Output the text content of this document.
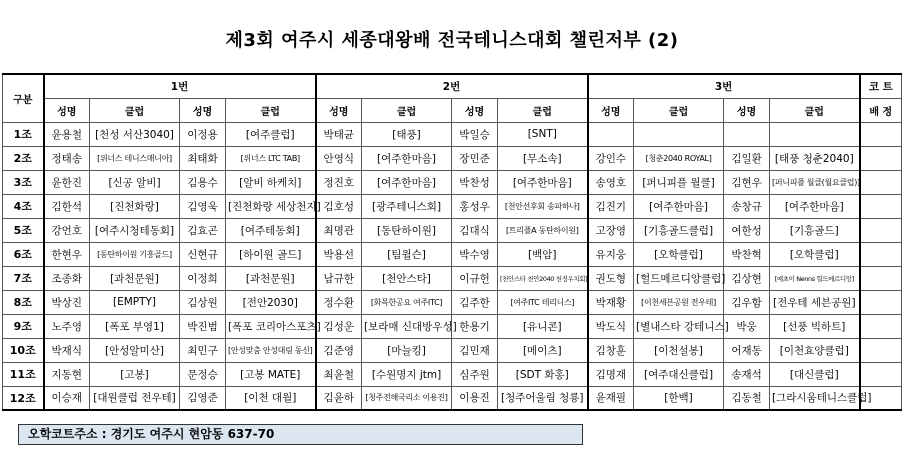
제3회 여주시 세종대왕배 전국테니스대회 챌린저부 (2)
구분	1번				2번				3번				코 트
	성명	클럽	성명	클럽	성명	클럽	성명	클럽	성명	클럽	성명	클럽	배 정
1조	윤용철	[천성 서산3040]	이정용	[여주클럽]	박태균	[태풍]	박일승	[SNT]					
2조	정태송	[위너스 테니스매니아]	최태화	[위너스 LTC TAB]	안영식	[여주한마음]	장민준	[무소속]	강인수	[청춘2040 ROYAL]	김일환	[태풍 청춘2040]	
3조	윤한진	[신공 알비]	김용수	[알비 하케치]	정진호	[여주한마음]	박찬성	[여주한마음]	송영호	[퍼니피플 월클]	김현우	[퍼니피플 월클(월요클럽)]	
4조	김한석	[진천화랑]	김영욱	[진천화랑 세상천지]	김호성	[광주테니스회]	홍성우	[천안선후회 송파하나]	김진기	[여주한마음]	송창규	[여주한마음]	
5조	강언호	[여주시청테동회]	김효곤	[여주테동회]	최명관	[동탄하이원]	김대식	[트리플A 동탄하이원]	고장영	[기흥골드클럽]	여한성	[기흥골드]	
6조	한현우	[동탄하이원 기흥골드]	신현규	[하이원 골드]	박용선	[팀윌슨]	박수영	[백암]	유지웅	[오학클럽]	박찬혁	[오학클럽]	
7조	조종화	[과천문원]	이정희	[과천문원]	남규한	[천안스타]	이규헌	[천안스타 천안2040 천정우치회]	권도형	[헐드메르디앙클럽]	김상현	[예초이 Nenns 헐드메르디앙]	
8조	박상진	[EMPTY]	김상원	[전안2030]	정수환	[화목한공요 여주ITC]	김주한	[여주ITC 테리니스]	박재황	[이천세븐공원 전우테]	김우함	[전우테 세븐공원]	
9조	노주영	[폭포 부영1]	박진범	[폭포 코리아스포츠]	김성운	[보라매 신대방우성]	한용기	[유니콘]	박도식	[별내스타 강테니스]	박웅	[선풍 빅하트]	
10조	박재식	[안성알미산]	최민구	[안성맞춤 안성대림 동신]	김준영	[마늘킹]	김민재	[메이츠]	김창훈	[이천설봉]	어재동	[이천효양클럽]	
11조	지동현	[고봉]	문정승	[고봉 MATE]	최윤철	[수원명지 jtm]	심주원	[SDT 화홍]	김명재	[여주대신클럽]	송재석	[대신클럽]	
12조	이승재	[대원클럽 전우테]	김영준	[이천 대월]	김윤하	[청주전해국리소 이용진]	이용진	[청주어울림 청룡]	윤재필	[한백]	김동철	[그라시움테니스클럽]	
오학코트주소 : 경기도 여주시 현암동 637-70
